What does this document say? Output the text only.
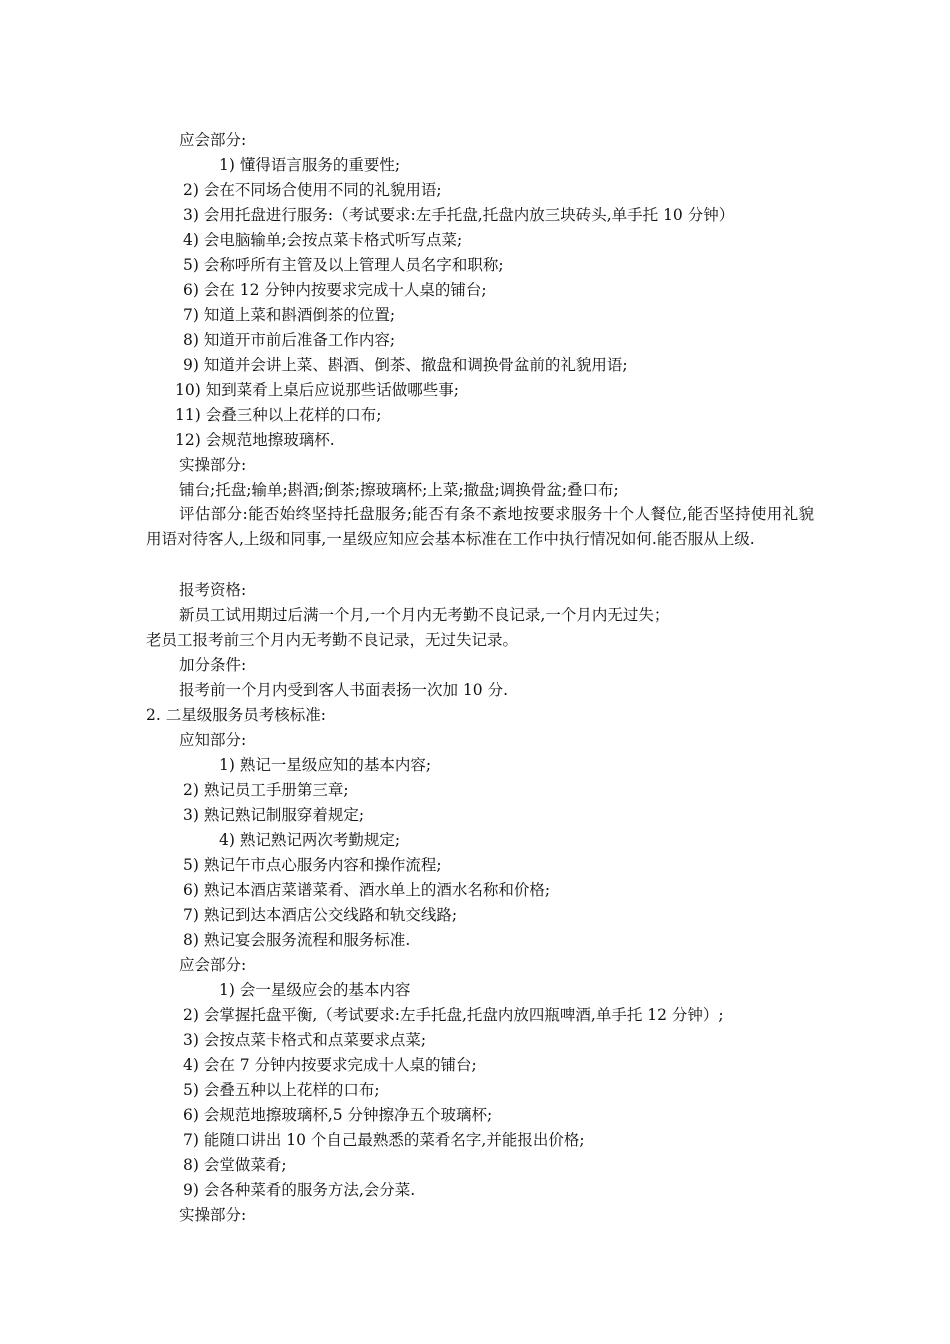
应会部分:
1) 懂得语言服务的重要性;
2) 会在不同场合使用不同的礼貌用语;
3) 会用托盘进行服务:（考试要求:左手托盘,托盘内放三块砖头,单手托 10 分钟）
4) 会电脑输单;会按点菜卡格式听写点菜;
5) 会称呼所有主管及以上管理人员名字和职称;
6) 会在 12 分钟内按要求完成十人桌的铺台;
7) 知道上菜和斟酒倒茶的位置;
8) 知道开市前后准备工作内容;
9) 知道并会讲上菜、斟酒、倒茶、撤盘和调换骨盆前的礼貌用语;
10) 知到菜肴上桌后应说那些话做哪些事;
11) 会叠三种以上花样的口布;
12) 会规范地擦玻璃杯.
实操部分:
铺台;托盘;输单;斟酒;倒茶;擦玻璃杯;上菜;撤盘;调换骨盆;叠口布;
评估部分:能否始终坚持托盘服务;能否有条不紊地按要求服务十个人餐位,能否坚持使用礼貌用语对待客人,上级和同事,一星级应知应会基本标准在工作中执行情况如何.能否服从上级.
报考资格:
新员工试用期过后满一个月,一个月内无考勤不良记录,一个月内无过失；
老员工报考前三个月内无考勤不良记录，无过失记录。
加分条件:
报考前一个月内受到客人书面表扬一次加 10 分.
2. 二星级服务员考核标准:
应知部分:
1) 熟记一星级应知的基本内容;
2) 熟记员工手册第三章;
3) 熟记熟记制服穿着规定;
4) 熟记熟记两次考勤规定;
5) 熟记午市点心服务内容和操作流程;
6) 熟记本酒店菜谱菜肴、酒水单上的酒水名称和价格;
7) 熟记到达本酒店公交线路和轨交线路;
8) 熟记宴会服务流程和服务标准.
应会部分:
1) 会一星级应会的基本内容
2) 会掌握托盘平衡,（考试要求:左手托盘,托盘内放四瓶啤酒,单手托 12 分钟）;
3) 会按点菜卡格式和点菜要求点菜;
4) 会在 7 分钟内按要求完成十人桌的铺台;
5) 会叠五种以上花样的口布;
6) 会规范地擦玻璃杯,5 分钟擦净五个玻璃杯;
7) 能随口讲出 10 个自己最熟悉的菜肴名字,并能报出价格;
8) 会堂做菜肴;
9) 会各种菜肴的服务方法,会分菜.
实操部分:
